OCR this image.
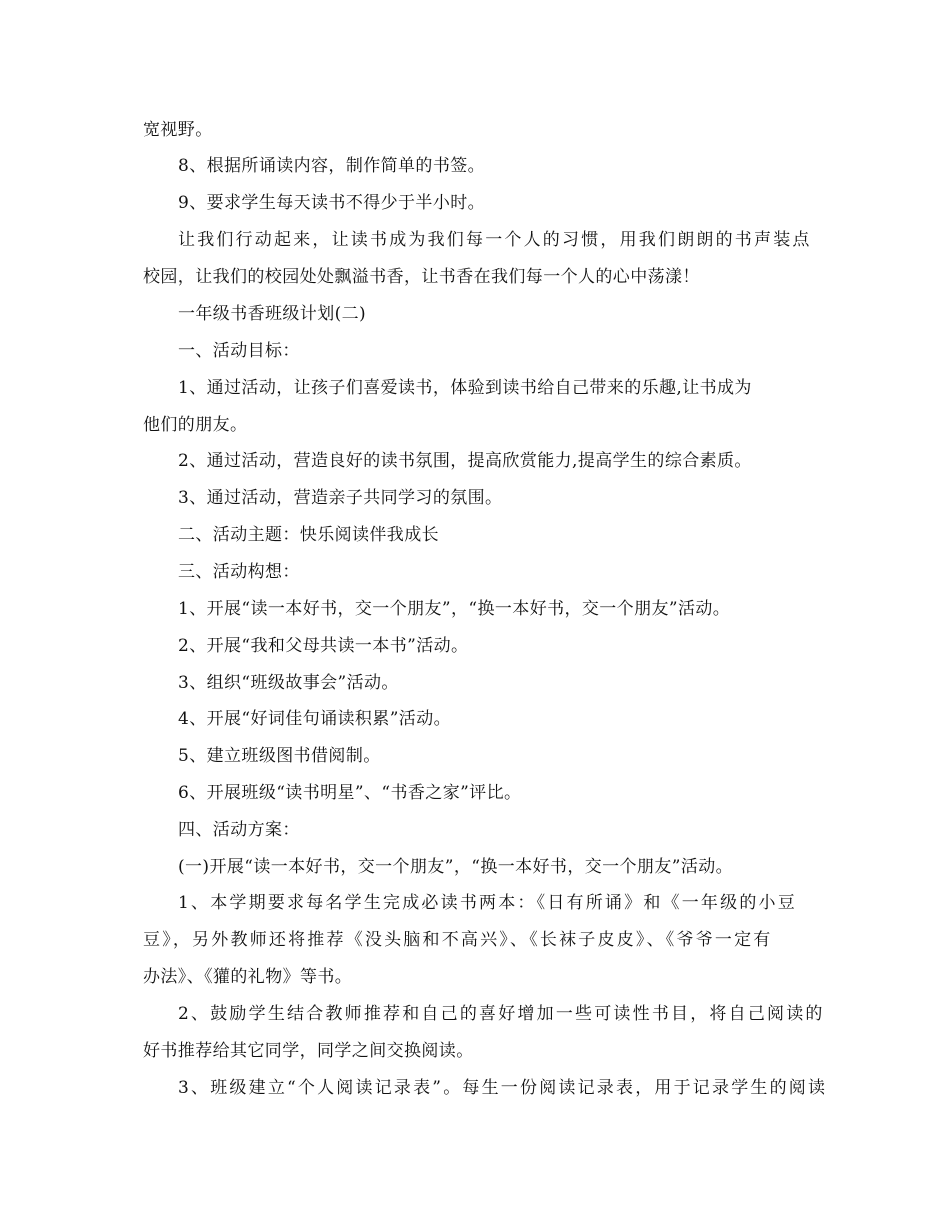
宽视野。
8、根据所诵读内容，制作简单的书签。
9、要求学生每天读书不得少于半小时。
让我们行动起来，让读书成为我们每一个人的习惯，用我们朗朗的书声装点
校园，让我们的校园处处飘溢书香，让书香在我们每一个人的心中荡漾！
一年级书香班级计划(二)
一、活动目标：
1、通过活动，让孩子们喜爱读书，体验到读书给自己带来的乐趣,让书成为
他们的朋友。
2、通过活动，营造良好的读书氛围，提高欣赏能力,提高学生的综合素质。
3、通过活动，营造亲子共同学习的氛围。
二、活动主题：快乐阅读伴我成长
三、活动构想：
1、开展“读一本好书，交一个朋友”，“换一本好书，交一个朋友”活动。
2、开展“我和父母共读一本书”活动。
3、组织“班级故事会”活动。
4、开展“好词佳句诵读积累”活动。
5、建立班级图书借阅制。
6、开展班级“读书明星”、“书香之家”评比。
四、活动方案：
(一)开展“读一本好书，交一个朋友”，“换一本好书，交一个朋友”活动。
1、本学期要求每名学生完成必读书两本：《日有所诵》和《一年级的小豆
豆》，另外教师还将推荐《没头脑和不高兴》、《长袜子皮皮》、《爷爷一定有
办法》、《獾的礼物》等书。
2、鼓励学生结合教师推荐和自己的喜好增加一些可读性书目，将自己阅读的
好书推荐给其它同学，同学之间交换阅读。
3、班级建立“个人阅读记录表”。每生一份阅读记录表，用于记录学生的阅读
